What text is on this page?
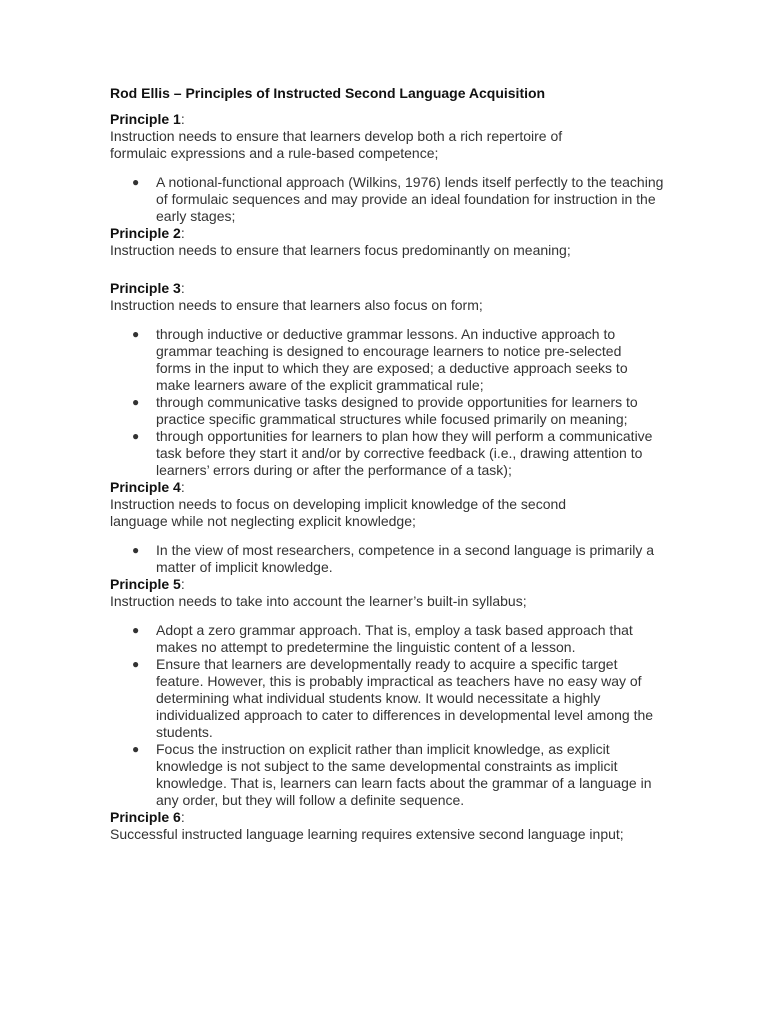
Rod Ellis – Principles of Instructed Second Language Acquisition

Principle 1:

Instruction needs to ensure that learners develop both a rich repertoire of formulaic expressions and a rule-based competence;

● A notional-functional approach (Wilkins, 1976) lends itself perfectly to the teaching of formulaic sequences and may provide an ideal foundation for instruction in the early stages;

Principle 2:

Instruction needs to ensure that learners focus predominantly on meaning;

Principle 3:

Instruction needs to ensure that learners also focus on form;

● through inductive or deductive grammar lessons. An inductive approach to grammar teaching is designed to encourage learners to notice pre-selected forms in the input to which they are exposed; a deductive approach seeks to make learners aware of the explicit grammatical rule;
● through communicative tasks designed to provide opportunities for learners to practice specific grammatical structures while focused primarily on meaning;
● through opportunities for learners to plan how they will perform a communicative task before they start it and/or by corrective feedback (i.e., drawing attention to learners’ errors during or after the performance of a task);

Principle 4:

Instruction needs to focus on developing implicit knowledge of the second language while not neglecting explicit knowledge;

● In the view of most researchers, competence in a second language is primarily a matter of implicit knowledge.

Principle 5:

Instruction needs to take into account the learner’s built-in syllabus;

● Adopt a zero grammar approach. That is, employ a task based approach that makes no attempt to predetermine the linguistic content of a lesson.
● Ensure that learners are developmentally ready to acquire a specific target feature. However, this is probably impractical as teachers have no easy way of determining what individual students know. It would necessitate a highly individualized approach to cater to differences in developmental level among the students.
● Focus the instruction on explicit rather than implicit knowledge, as explicit knowledge is not subject to the same developmental constraints as implicit knowledge. That is, learners can learn facts about the grammar of a language in any order, but they will follow a definite sequence.

Principle 6:

Successful instructed language learning requires extensive second language input;
